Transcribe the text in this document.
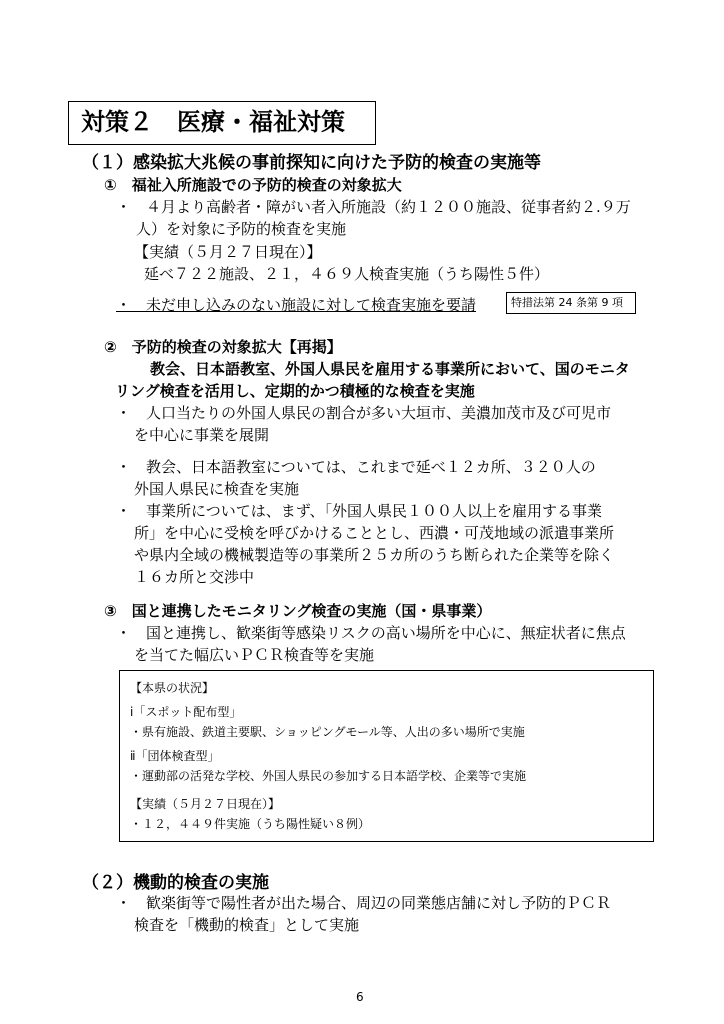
対策２　医療・福祉対策
（１）感染拡大兆候の事前探知に向けた予防的検査の実施等
①　福祉入所施設での予防的検査の対象拡大
・　４月より高齢者・障がい者入所施設（約１２００施設、従事者約２.９万
人）を対象に予防的検査を実施
【実績（５月２７日現在）】
延べ７２２施設、２１，４６９人検査実施（うち陽性５件）
・　未だ申し込みのない施設に対して検査実施を要請	特措法第 24 条第 9 項
②　予防的検査の対象拡大【再掲】
教会、日本語教室、外国人県民を雇用する事業所において、国のモニタ
リング検査を活用し、定期的かつ積極的な検査を実施
・　人口当たりの外国人県民の割合が多い大垣市、美濃加茂市及び可児市
を中心に事業を展開
・　教会、日本語教室については、これまで延べ１２カ所、３２０人の
外国人県民に検査を実施
・　事業所については、まず、「外国人県民１００人以上を雇用する事業
所」を中心に受検を呼びかけることとし、西濃・可茂地域の派遣事業所
や県内全域の機械製造等の事業所２５カ所のうち断られた企業等を除く
１６カ所と交渉中
③　国と連携したモニタリング検査の実施（国・県事業）
・　国と連携し、歓楽街等感染リスクの高い場所を中心に、無症状者に焦点
を当てた幅広いＰＣＲ検査等を実施
【本県の状況】
ⅰ「スポット配布型」
・県有施設、鉄道主要駅、ショッピングモール等、人出の多い場所で実施
ⅱ「団体検査型」
・運動部の活発な学校、外国人県民の参加する日本語学校、企業等で実施
【実績（５月２７日現在）】
・１２，４４９件実施（うち陽性疑い８例）
（２）機動的検査の実施
・　歓楽街等で陽性者が出た場合、周辺の同業態店舗に対し予防的ＰＣＲ
検査を「機動的検査」として実施
6
